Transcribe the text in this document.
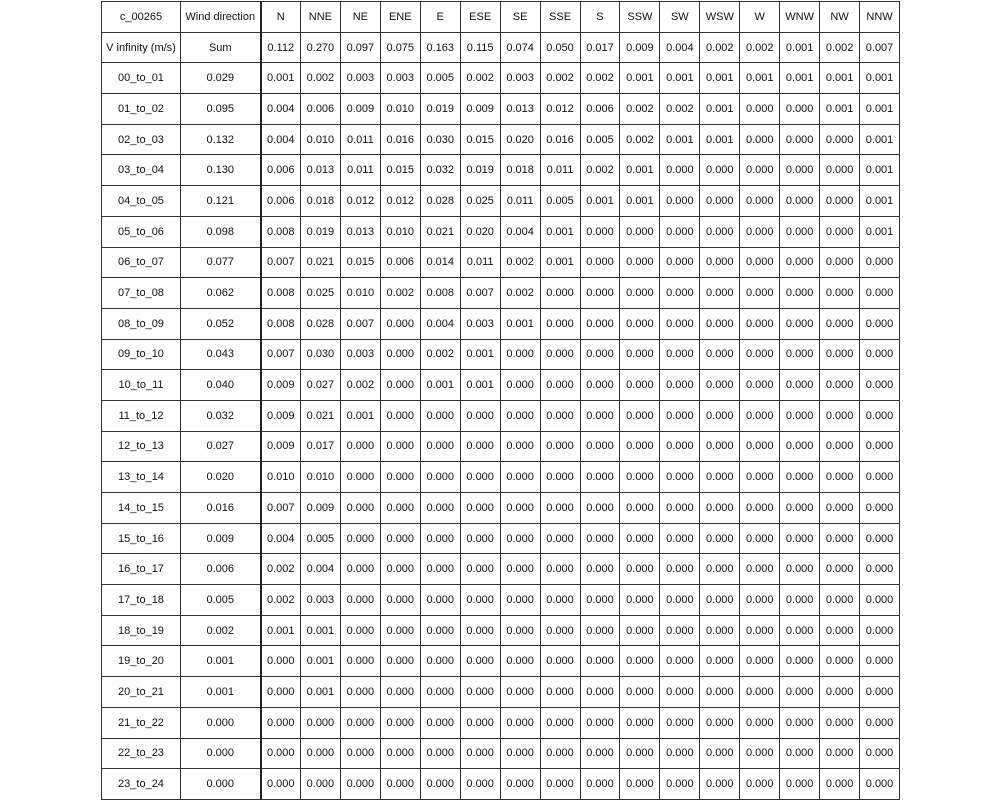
c_00265	Wind direction	N	NNE	NE	ENE	E	ESE	SE	SSE	S	SSW	SW	WSW	W	WNW	NW	NNW
V infinity (m/s)	Sum	0.112	0.270	0.097	0.075	0.163	0.115	0.074	0.050	0.017	0.009	0.004	0.002	0.002	0.001	0.002	0.007
00_to_01	0.029	0.001	0.002	0.003	0.003	0.005	0.002	0.003	0.002	0.002	0.001	0.001	0.001	0.001	0.001	0.001	0.001
01_to_02	0.095	0.004	0.006	0.009	0.010	0.019	0.009	0.013	0.012	0.006	0.002	0.002	0.001	0.000	0.000	0.001	0.001
02_to_03	0.132	0.004	0.010	0.011	0.016	0.030	0.015	0.020	0.016	0.005	0.002	0.001	0.001	0.000	0.000	0.000	0.001
03_to_04	0.130	0.006	0.013	0.011	0.015	0.032	0.019	0.018	0.011	0.002	0.001	0.000	0.000	0.000	0.000	0.000	0.001
04_to_05	0.121	0.006	0.018	0.012	0.012	0.028	0.025	0.011	0.005	0.001	0.001	0.000	0.000	0.000	0.000	0.000	0.001
05_to_06	0.098	0.008	0.019	0.013	0.010	0.021	0.020	0.004	0.001	0.000	0.000	0.000	0.000	0.000	0.000	0.000	0.001
06_to_07	0.077	0.007	0.021	0.015	0.006	0.014	0.011	0.002	0.001	0.000	0.000	0.000	0.000	0.000	0.000	0.000	0.000
07_to_08	0.062	0.008	0.025	0.010	0.002	0.008	0.007	0.002	0.000	0.000	0.000	0.000	0.000	0.000	0.000	0.000	0.000
08_to_09	0.052	0.008	0.028	0.007	0.000	0.004	0.003	0.001	0.000	0.000	0.000	0.000	0.000	0.000	0.000	0.000	0.000
09_to_10	0.043	0.007	0.030	0.003	0.000	0.002	0.001	0.000	0.000	0.000	0.000	0.000	0.000	0.000	0.000	0.000	0.000
10_to_11	0.040	0.009	0.027	0.002	0.000	0.001	0.001	0.000	0.000	0.000	0.000	0.000	0.000	0.000	0.000	0.000	0.000
11_to_12	0.032	0.009	0.021	0.001	0.000	0.000	0.000	0.000	0.000	0.000	0.000	0.000	0.000	0.000	0.000	0.000	0.000
12_to_13	0.027	0.009	0.017	0.000	0.000	0.000	0.000	0.000	0.000	0.000	0.000	0.000	0.000	0.000	0.000	0.000	0.000
13_to_14	0.020	0.010	0.010	0.000	0.000	0.000	0.000	0.000	0.000	0.000	0.000	0.000	0.000	0.000	0.000	0.000	0.000
14_to_15	0.016	0.007	0.009	0.000	0.000	0.000	0.000	0.000	0.000	0.000	0.000	0.000	0.000	0.000	0.000	0.000	0.000
15_to_16	0.009	0.004	0.005	0.000	0.000	0.000	0.000	0.000	0.000	0.000	0.000	0.000	0.000	0.000	0.000	0.000	0.000
16_to_17	0.006	0.002	0.004	0.000	0.000	0.000	0.000	0.000	0.000	0.000	0.000	0.000	0.000	0.000	0.000	0.000	0.000
17_to_18	0.005	0.002	0.003	0.000	0.000	0.000	0.000	0.000	0.000	0.000	0.000	0.000	0.000	0.000	0.000	0.000	0.000
18_to_19	0.002	0.001	0.001	0.000	0.000	0.000	0.000	0.000	0.000	0.000	0.000	0.000	0.000	0.000	0.000	0.000	0.000
19_to_20	0.001	0.000	0.001	0.000	0.000	0.000	0.000	0.000	0.000	0.000	0.000	0.000	0.000	0.000	0.000	0.000	0.000
20_to_21	0.001	0.000	0.001	0.000	0.000	0.000	0.000	0.000	0.000	0.000	0.000	0.000	0.000	0.000	0.000	0.000	0.000
21_to_22	0.000	0.000	0.000	0.000	0.000	0.000	0.000	0.000	0.000	0.000	0.000	0.000	0.000	0.000	0.000	0.000	0.000
22_to_23	0.000	0.000	0.000	0.000	0.000	0.000	0.000	0.000	0.000	0.000	0.000	0.000	0.000	0.000	0.000	0.000	0.000
23_to_24	0.000	0.000	0.000	0.000	0.000	0.000	0.000	0.000	0.000	0.000	0.000	0.000	0.000	0.000	0.000	0.000	0.000
